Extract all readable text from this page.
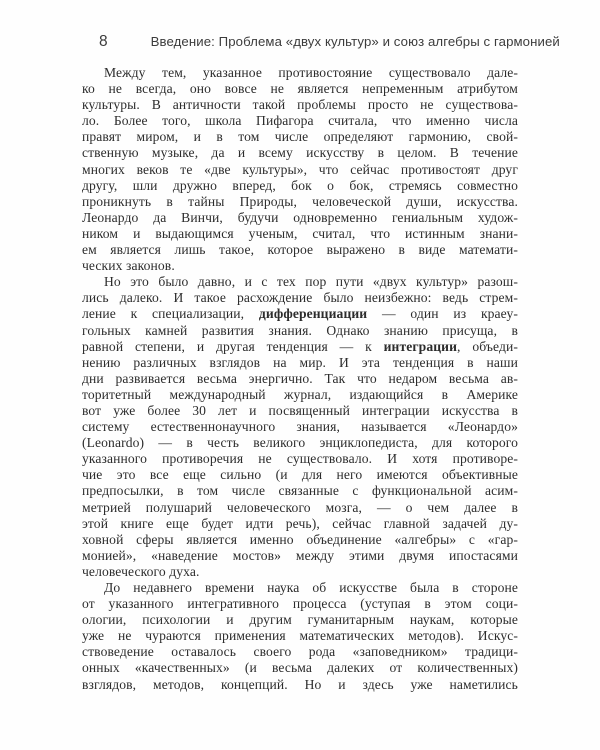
8	Введение: Проблема «двух культур» и союз алгебры с гармонией
Между тем, указанное противостояние существовало дале-
ко не всегда, оно вовсе не является непременным атрибутом
культуры. В античности такой проблемы просто не существова-
ло. Более того, школа Пифагора считала, что именно числа
правят миром, и в том числе определяют гармонию, свой-
ственную музыке, да и всему искусству в целом. В течение
многих веков те «две культуры», что сейчас противостоят друг
другу, шли дружно вперед, бок о бок, стремясь совместно
проникнуть в тайны Природы, человеческой души, искусства.
Леонардо да Винчи, будучи одновременно гениальным худож-
ником и выдающимся ученым, считал, что истинным знани-
ем является лишь такое, которое выражено в виде математи-
ческих законов.
Но это было давно, и с тех пор пути «двух культур» разош-
лись далеко. И такое расхождение было неизбежно: ведь стрем-
ление к специализации, дифференциации — один из краеу-
гольных камней развития знания. Однако знанию присуща, в
равной степени, и другая тенденция — к интеграции, объеди-
нению различных взглядов на мир. И эта тенденция в наши
дни развивается весьма энергично. Так что недаром весьма ав-
торитетный международный журнал, издающийся в Америке
вот уже более 30 лет и посвященный интеграции искусства в
систему естественнонаучного знания, называется «Леонардо»
(Leonardo) — в честь великого энциклопедиста, для которого
указанного противоречия не существовало. И хотя противоре-
чие это все еще сильно (и для него имеются объективные
предпосылки, в том числе связанные с функциональной асим-
метрией полушарий человеческого мозга, — о чем далее в
этой книге еще будет идти речь), сейчас главной задачей ду-
ховной сферы является именно объединение «алгебры» с «гар-
монией», «наведение мостов» между этими двумя ипостасями
человеческого духа.
До недавнего времени наука об искусстве была в стороне
от указанного интегративного процесса (уступая в этом соци-
ологии, психологии и другим гуманитарным наукам, которые
уже не чураются применения математических методов). Искус-
ствоведение оставалось своего рода «заповедником» традици-
онных «качественных» (и весьма далеких от количественных)
взглядов, методов, концепций. Но и здесь уже наметились
